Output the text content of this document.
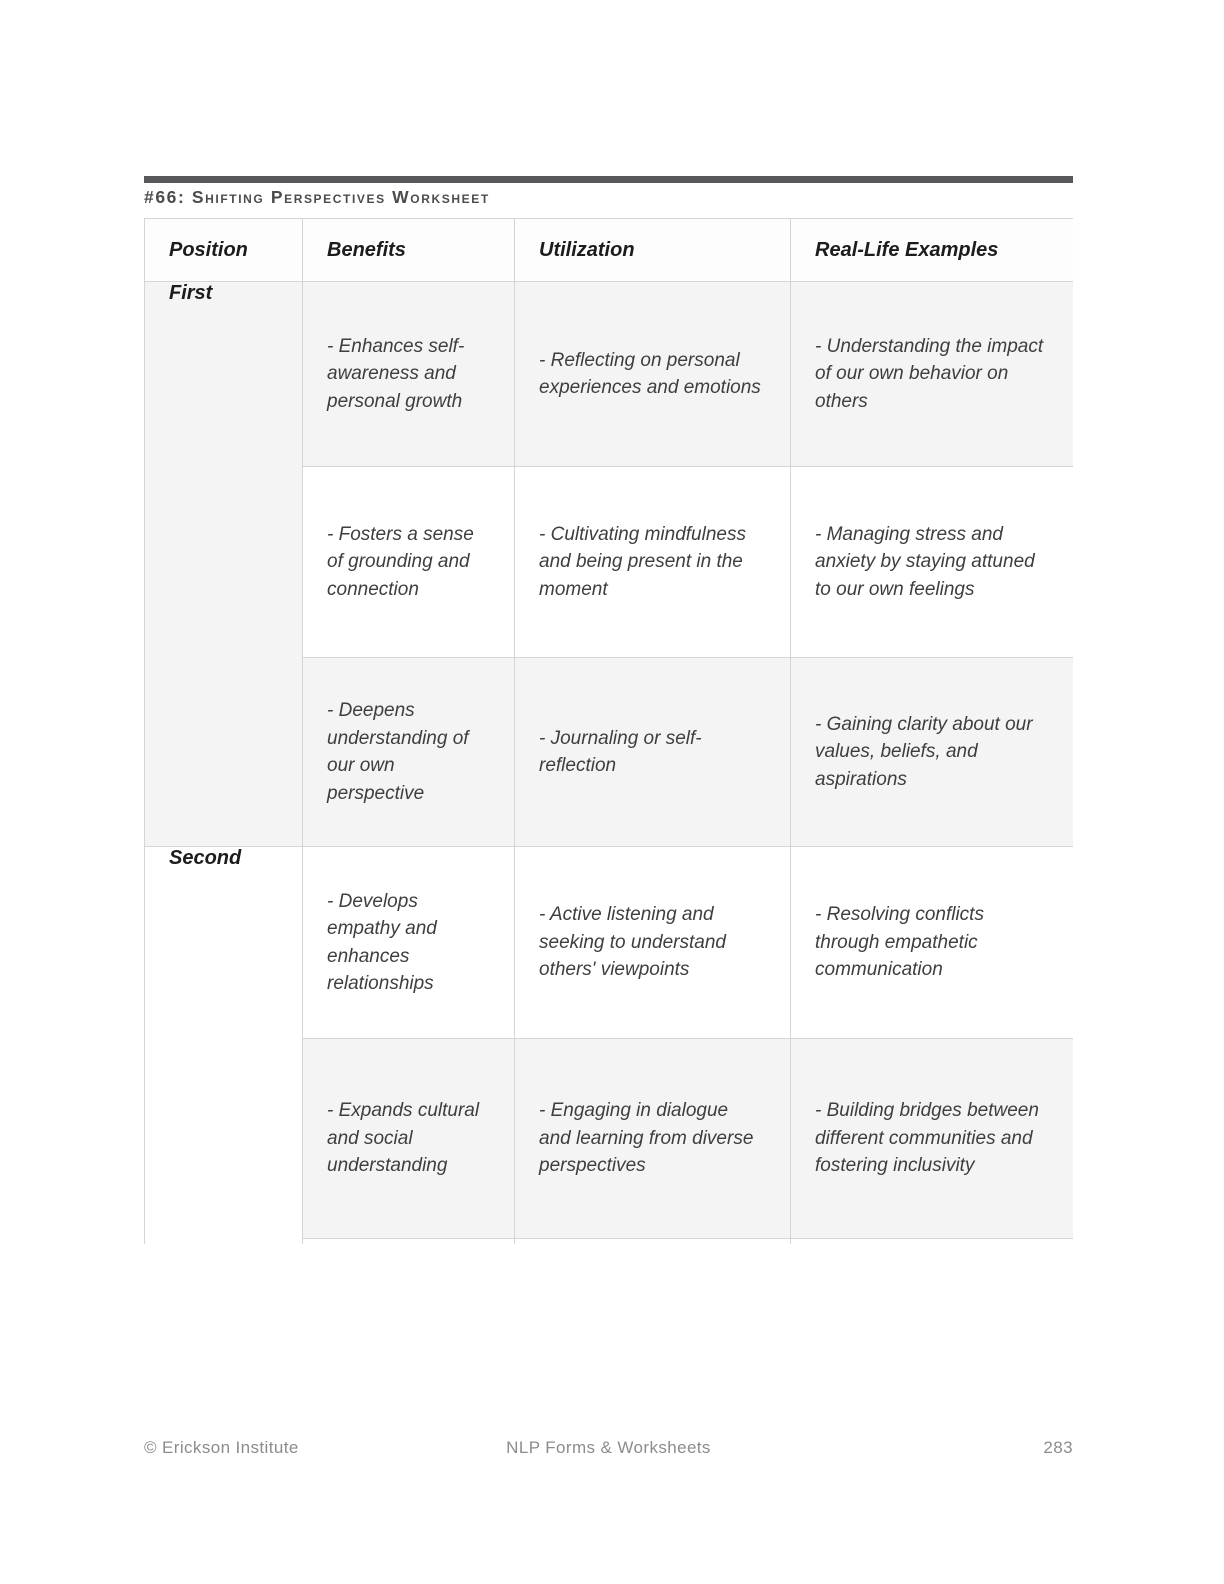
#66: Shifting Perspectives Worksheet
Position	Benefits	Utilization	Real-Life Examples
First	- Enhances self-awareness and personal growth	- Reflecting on personal experiences and emotions	- Understanding the impact of our own behavior on others
	- Fosters a sense of grounding and connection	- Cultivating mindfulness and being present in the moment	- Managing stress and anxiety by staying attuned to our own feelings
	- Deepens understanding of our own perspective	- Journaling or self-reflection	- Gaining clarity about our values, beliefs, and aspirations
Second	- Develops empathy and enhances relationships	- Active listening and seeking to understand others' viewpoints	- Resolving conflicts through empathetic communication
	- Expands cultural and social understanding	- Engaging in dialogue and learning from diverse perspectives	- Building bridges between different communities and fostering inclusivity

NLP Forms & Worksheets
© Erickson Institute	283
